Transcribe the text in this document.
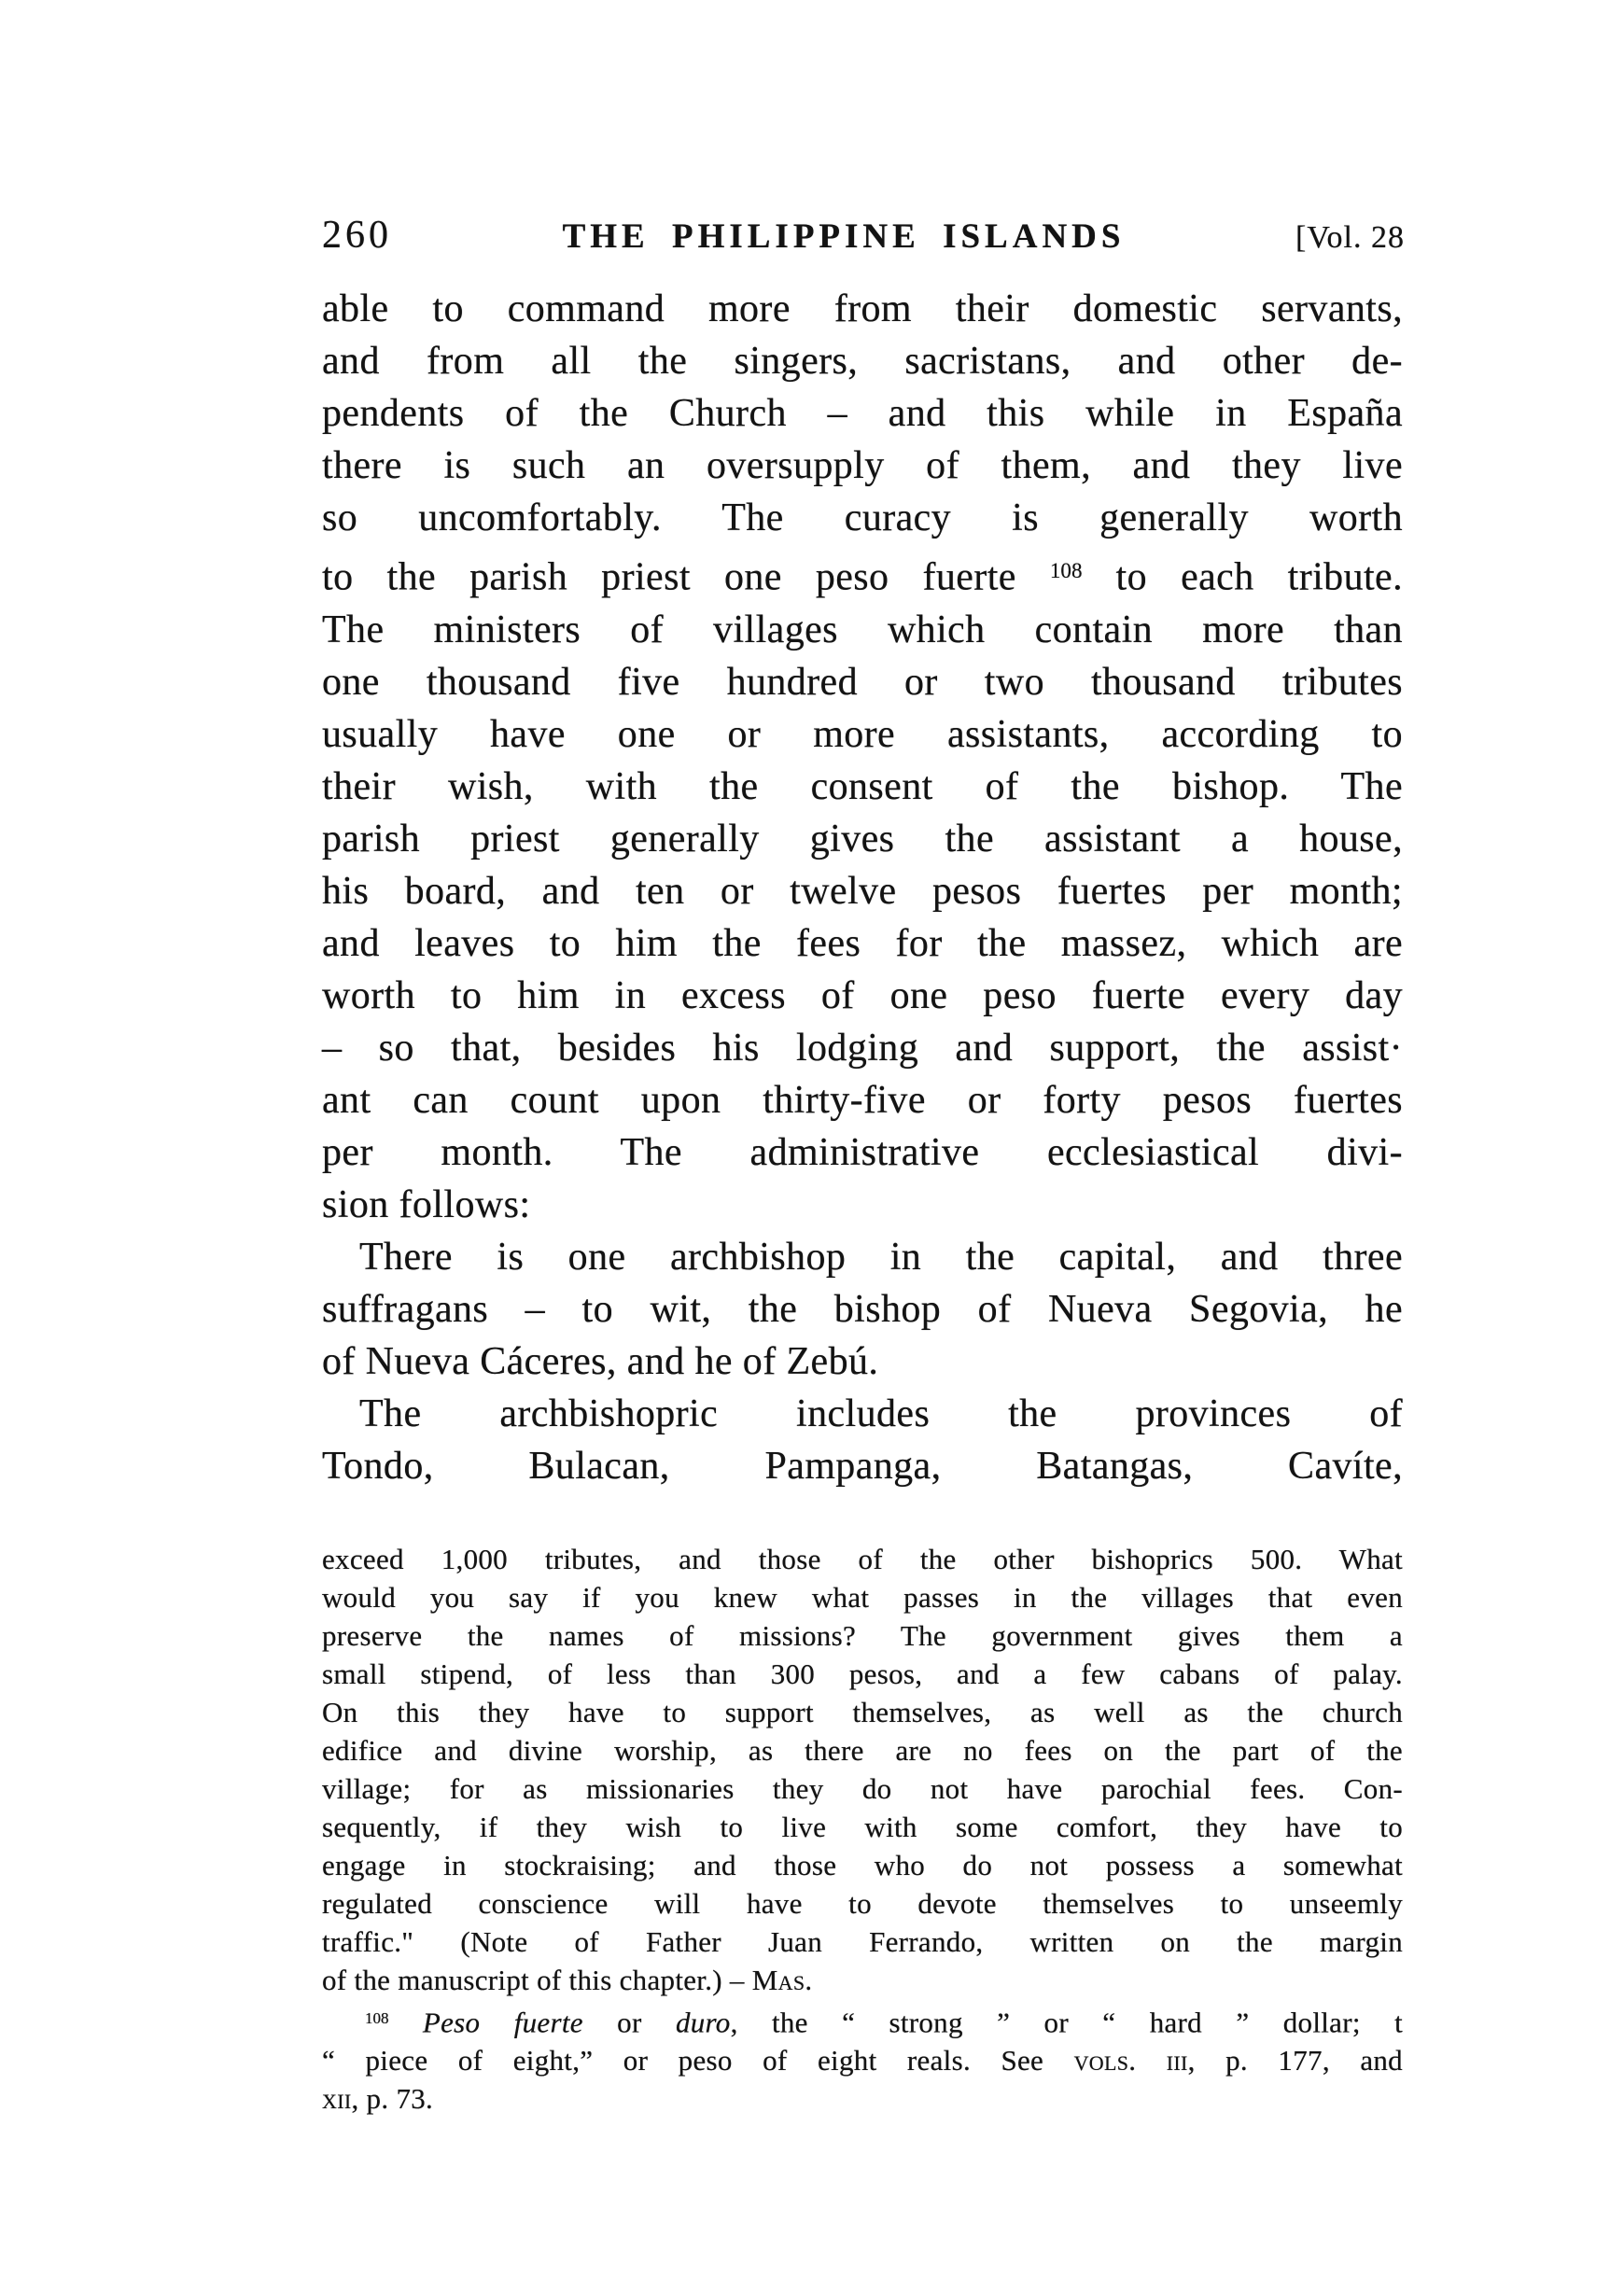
260	THE PHILIPPINE ISLANDS	[Vol. 28
able to command more from their domestic servants,
and from all the singers, sacristans, and other de-
pendents of the Church – and this while in España
there is such an oversupply of them, and they live
so uncomfortably. The curacy is generally worth
to the parish priest one peso fuerte $^{108}$ to each tribute.
The ministers of villages which contain more than
one thousand five hundred or two thousand tributes
usually have one or more assistants, according to
their wish, with the consent of the bishop. The
parish priest generally gives the assistant a house,
his board, and ten or twelve pesos fuertes per month;
and leaves to him the fees for the massez, which are
worth to him in excess of one peso fuerte every day
– so that, besides his lodging and support, the assist·
ant can count upon thirty-five or forty pesos fuertes
per month. The administrative ecclesiastical divi-
sion follows:
There is one archbishop in the capital, and three
suffragans – to wit, the bishop of Nueva Segovia, he
of Nueva Cáceres, and he of Zebú.
The archbishopric includes the provinces of
Tondo, Bulacan, Pampanga, Batangas, Cavíte,
exceed 1,000 tributes, and those of the other bishoprics 500. What
would you say if you knew what passes in the villages that even
preserve the names of missions? The government gives them a
small stipend, of less than 300 pesos, and a few cabans of palay.
On this they have to support themselves, as well as the church
edifice and divine worship, as there are no fees on the part of the
village; for as missionaries they do not have parochial fees. Con-
sequently, if they wish to live with some comfort, they have to
engage in stockraising; and those who do not possess a somewhat
regulated conscience will have to devote themselves to unseemly
traffic." (Note of Father Juan Ferrando, written on the margin
of the manuscript of this chapter.) – Mas.
$^{108}$ Peso fuerte or duro, the “ strong ” or “ hard ” dollar; t
“ piece of eight,” or peso of eight reals. See vols. iii, p. 177, and
xii, p. 73.
